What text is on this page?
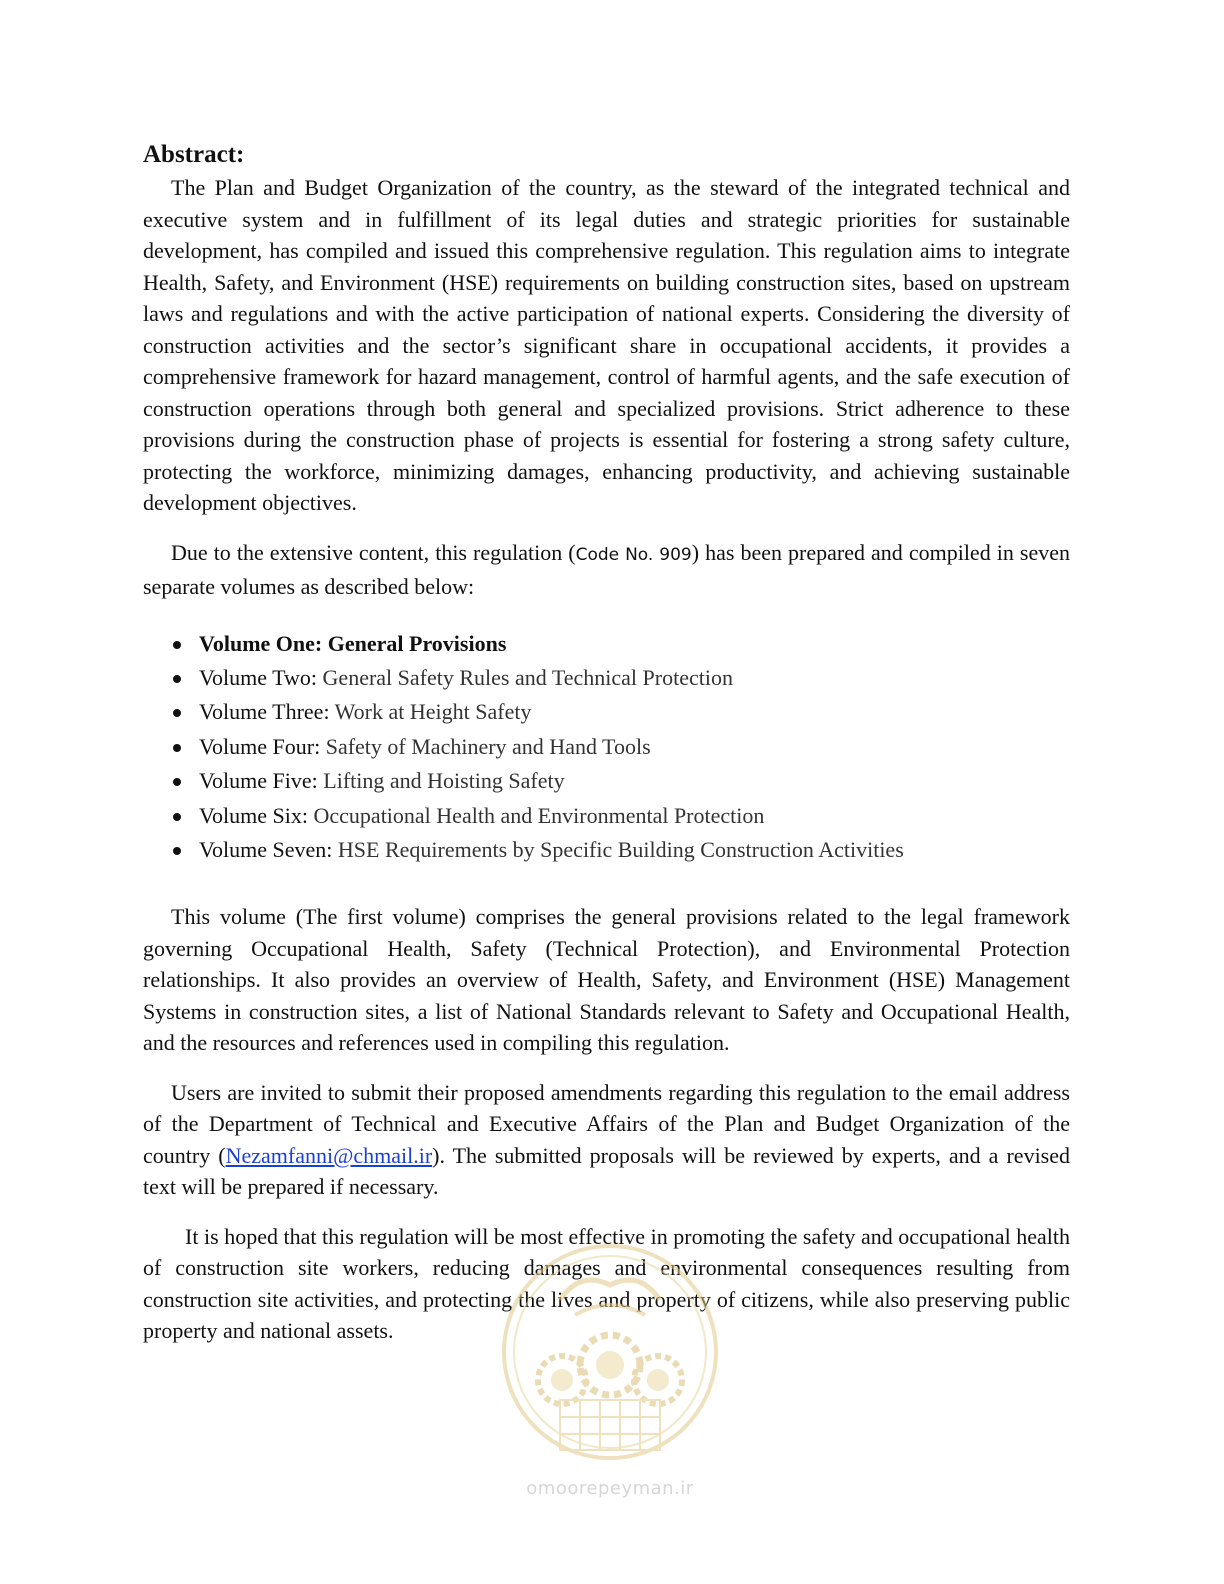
Abstract:

The Plan and Budget Organization of the country, as the steward of the integrated technical and executive system and in fulfillment of its legal duties and strategic priorities for sustainable development, has compiled and issued this comprehensive regulation. This regulation aims to integrate Health, Safety, and Environment (HSE) requirements on building construction sites, based on upstream laws and regulations and with the active participation of national experts. Considering the diversity of construction activities and the sector’s significant share in occupational accidents, it provides a comprehensive framework for hazard management, control of harmful agents, and the safe execution of construction operations through both general and specialized provisions. Strict adherence to these provisions during the construction phase of projects is essential for fostering a strong safety culture, protecting the workforce, minimizing damages, enhancing productivity, and achieving sustainable development objectives.

Due to the extensive content, this regulation (Code No. 909) has been prepared and compiled in seven separate volumes as described below:

Volume One: General Provisions
Volume Two: General Safety Rules and Technical Protection
Volume Three: Work at Height Safety
Volume Four: Safety of Machinery and Hand Tools
Volume Five: Lifting and Hoisting Safety
Volume Six: Occupational Health and Environmental Protection
Volume Seven: HSE Requirements by Specific Building Construction Activities

This volume (The first volume) comprises the general provisions related to the legal framework governing Occupational Health, Safety (Technical Protection), and Environmental Protection relationships. It also provides an overview of Health, Safety, and Environment (HSE) Management Systems in construction sites, a list of National Standards relevant to Safety and Occupational Health, and the resources and references used in compiling this regulation.

Users are invited to submit their proposed amendments regarding this regulation to the email address of the Department of Technical and Executive Affairs of the Plan and Budget Organization of the country (Nezamfanni@chmail.ir). The submitted proposals will be reviewed by experts, and a revised text will be prepared if necessary.

It is hoped that this regulation will be most effective in promoting the safety and occupational health of construction site workers, reducing damages and environmental consequences resulting from construction site activities, and protecting the lives and property of citizens, while also preserving public property and national assets.

omoorepeyman.ir
